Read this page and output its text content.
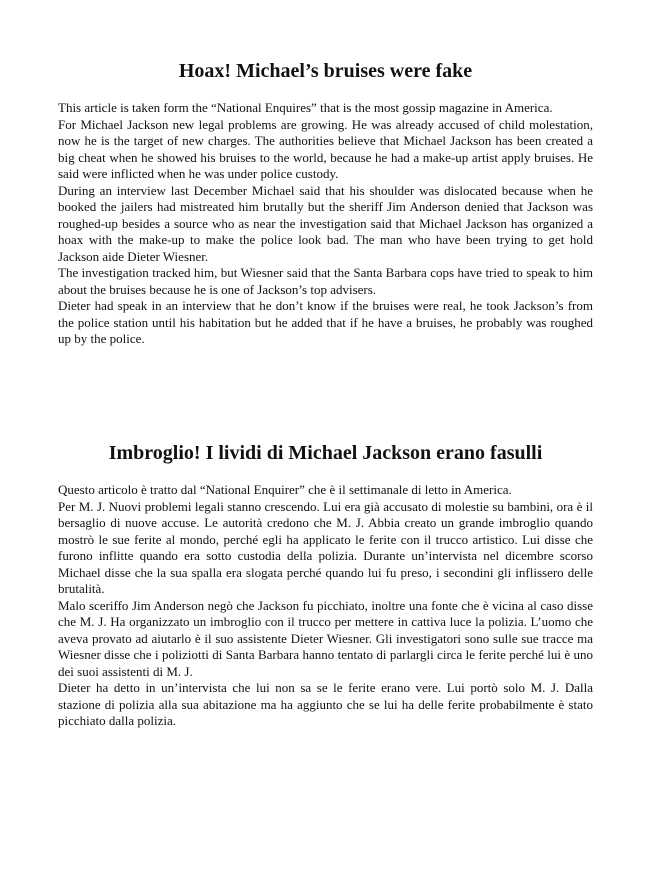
Hoax! Michael’s bruises were fake

This article is taken form the “National Enquires” that is the most gossip magazine in America.

For Michael Jackson new legal problems are growing. He was already accused of child molestation, now he is the target of new charges. The authorities believe that Michael Jackson has been created a big cheat when he showed his bruises to the world, because he had a make-up artist apply bruises. He said were inflicted when he was under police custody.

During an interview last December Michael said that his shoulder was dislocated because when he booked the jailers had mistreated him brutally but the sheriff Jim Anderson denied that Jackson was roughed-up besides a source who as near the investigation said that Michael Jackson has organized a hoax with the make-up to make the police look bad. The man who have been trying to get hold Jackson aide Dieter Wiesner.

The investigation tracked him, but Wiesner said that the Santa Barbara cops have tried to speak to him about the bruises because he is one of Jackson’s top advisers.

Dieter had speak in an interview that he don’t know if the bruises were real, he took Jackson’s from the police station until his habitation but he added that if he have a bruises, he probably was roughed up by the police.

Imbroglio! I lividi di Michael Jackson erano fasulli

Questo articolo è tratto dal “National Enquirer” che è il settimanale di letto in America.

Per M. J. Nuovi problemi legali stanno crescendo. Lui era già accusato di molestie su bambini, ora è il bersaglio di nuove accuse. Le autorità credono che M. J. Abbia creato un grande imbroglio quando mostrò le sue ferite al mondo, perché egli ha applicato le ferite con il trucco artistico. Lui disse che furono inflitte quando era sotto custodia della polizia. Durante un’intervista nel dicembre scorso Michael disse che la sua spalla era slogata perché quando lui fu preso, i secondini gli inflissero delle brutalità.

Malo sceriffo Jim Anderson negò che Jackson fu picchiato, inoltre una fonte che è vicina al caso disse che M. J. Ha organizzato un imbroglio con il trucco per mettere in cattiva luce la polizia. L’uomo che aveva provato ad aiutarlo è il suo assistente Dieter Wiesner. Gli investigatori sono sulle sue tracce ma Wiesner disse che i poliziotti di Santa Barbara hanno tentato di parlargli circa le ferite perché lui è uno dei suoi assistenti di M. J.

Dieter ha detto in un’intervista che lui non sa se le ferite erano vere. Lui portò solo M. J. Dalla stazione di polizia alla sua abitazione ma ha aggiunto che se lui ha delle ferite probabilmente è stato picchiato dalla polizia.
